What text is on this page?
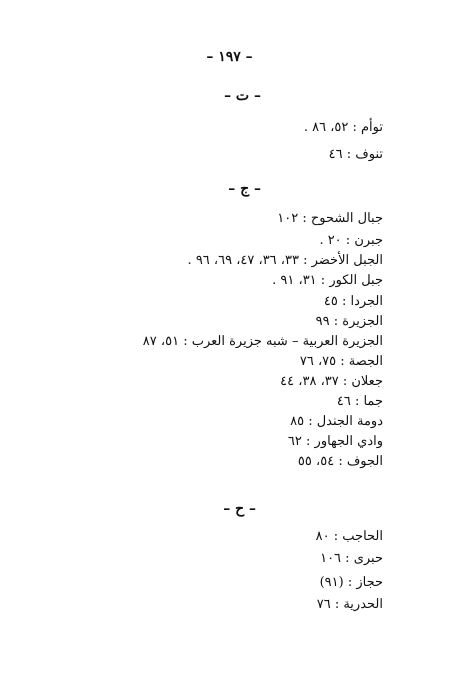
– ١٩٧ –
– ت –
توأم : ٥٢، ٨٦ .
تنوف : ٤٦
– ج –
جبال الشحوح : ١٠٢
جبرن : ٢٠ .
الجبل الأخضر : ٣٣، ٣٦، ٤٧، ٦٩، ٩٦ .
جبل الكور : ٣١، ٩١ .
الجردا : ٤٥
الجزيرة : ٩٩
الجزيرة العربية – شبه جزيرة العرب : ٥١، ٨٧
الجصة : ٧٥، ٧٦
جعلان : ٣٧، ٣٨، ٤٤
جما : ٤٦
دومة الجندل : ٨٥
وادي الجهاور : ٦٢
الجوف : ٥٤، ٥٥
– ح –
الحاجب : ٨٠
حبرى : ١٠٦
حجاز : (٩١)
الحدرية : ٧٦
